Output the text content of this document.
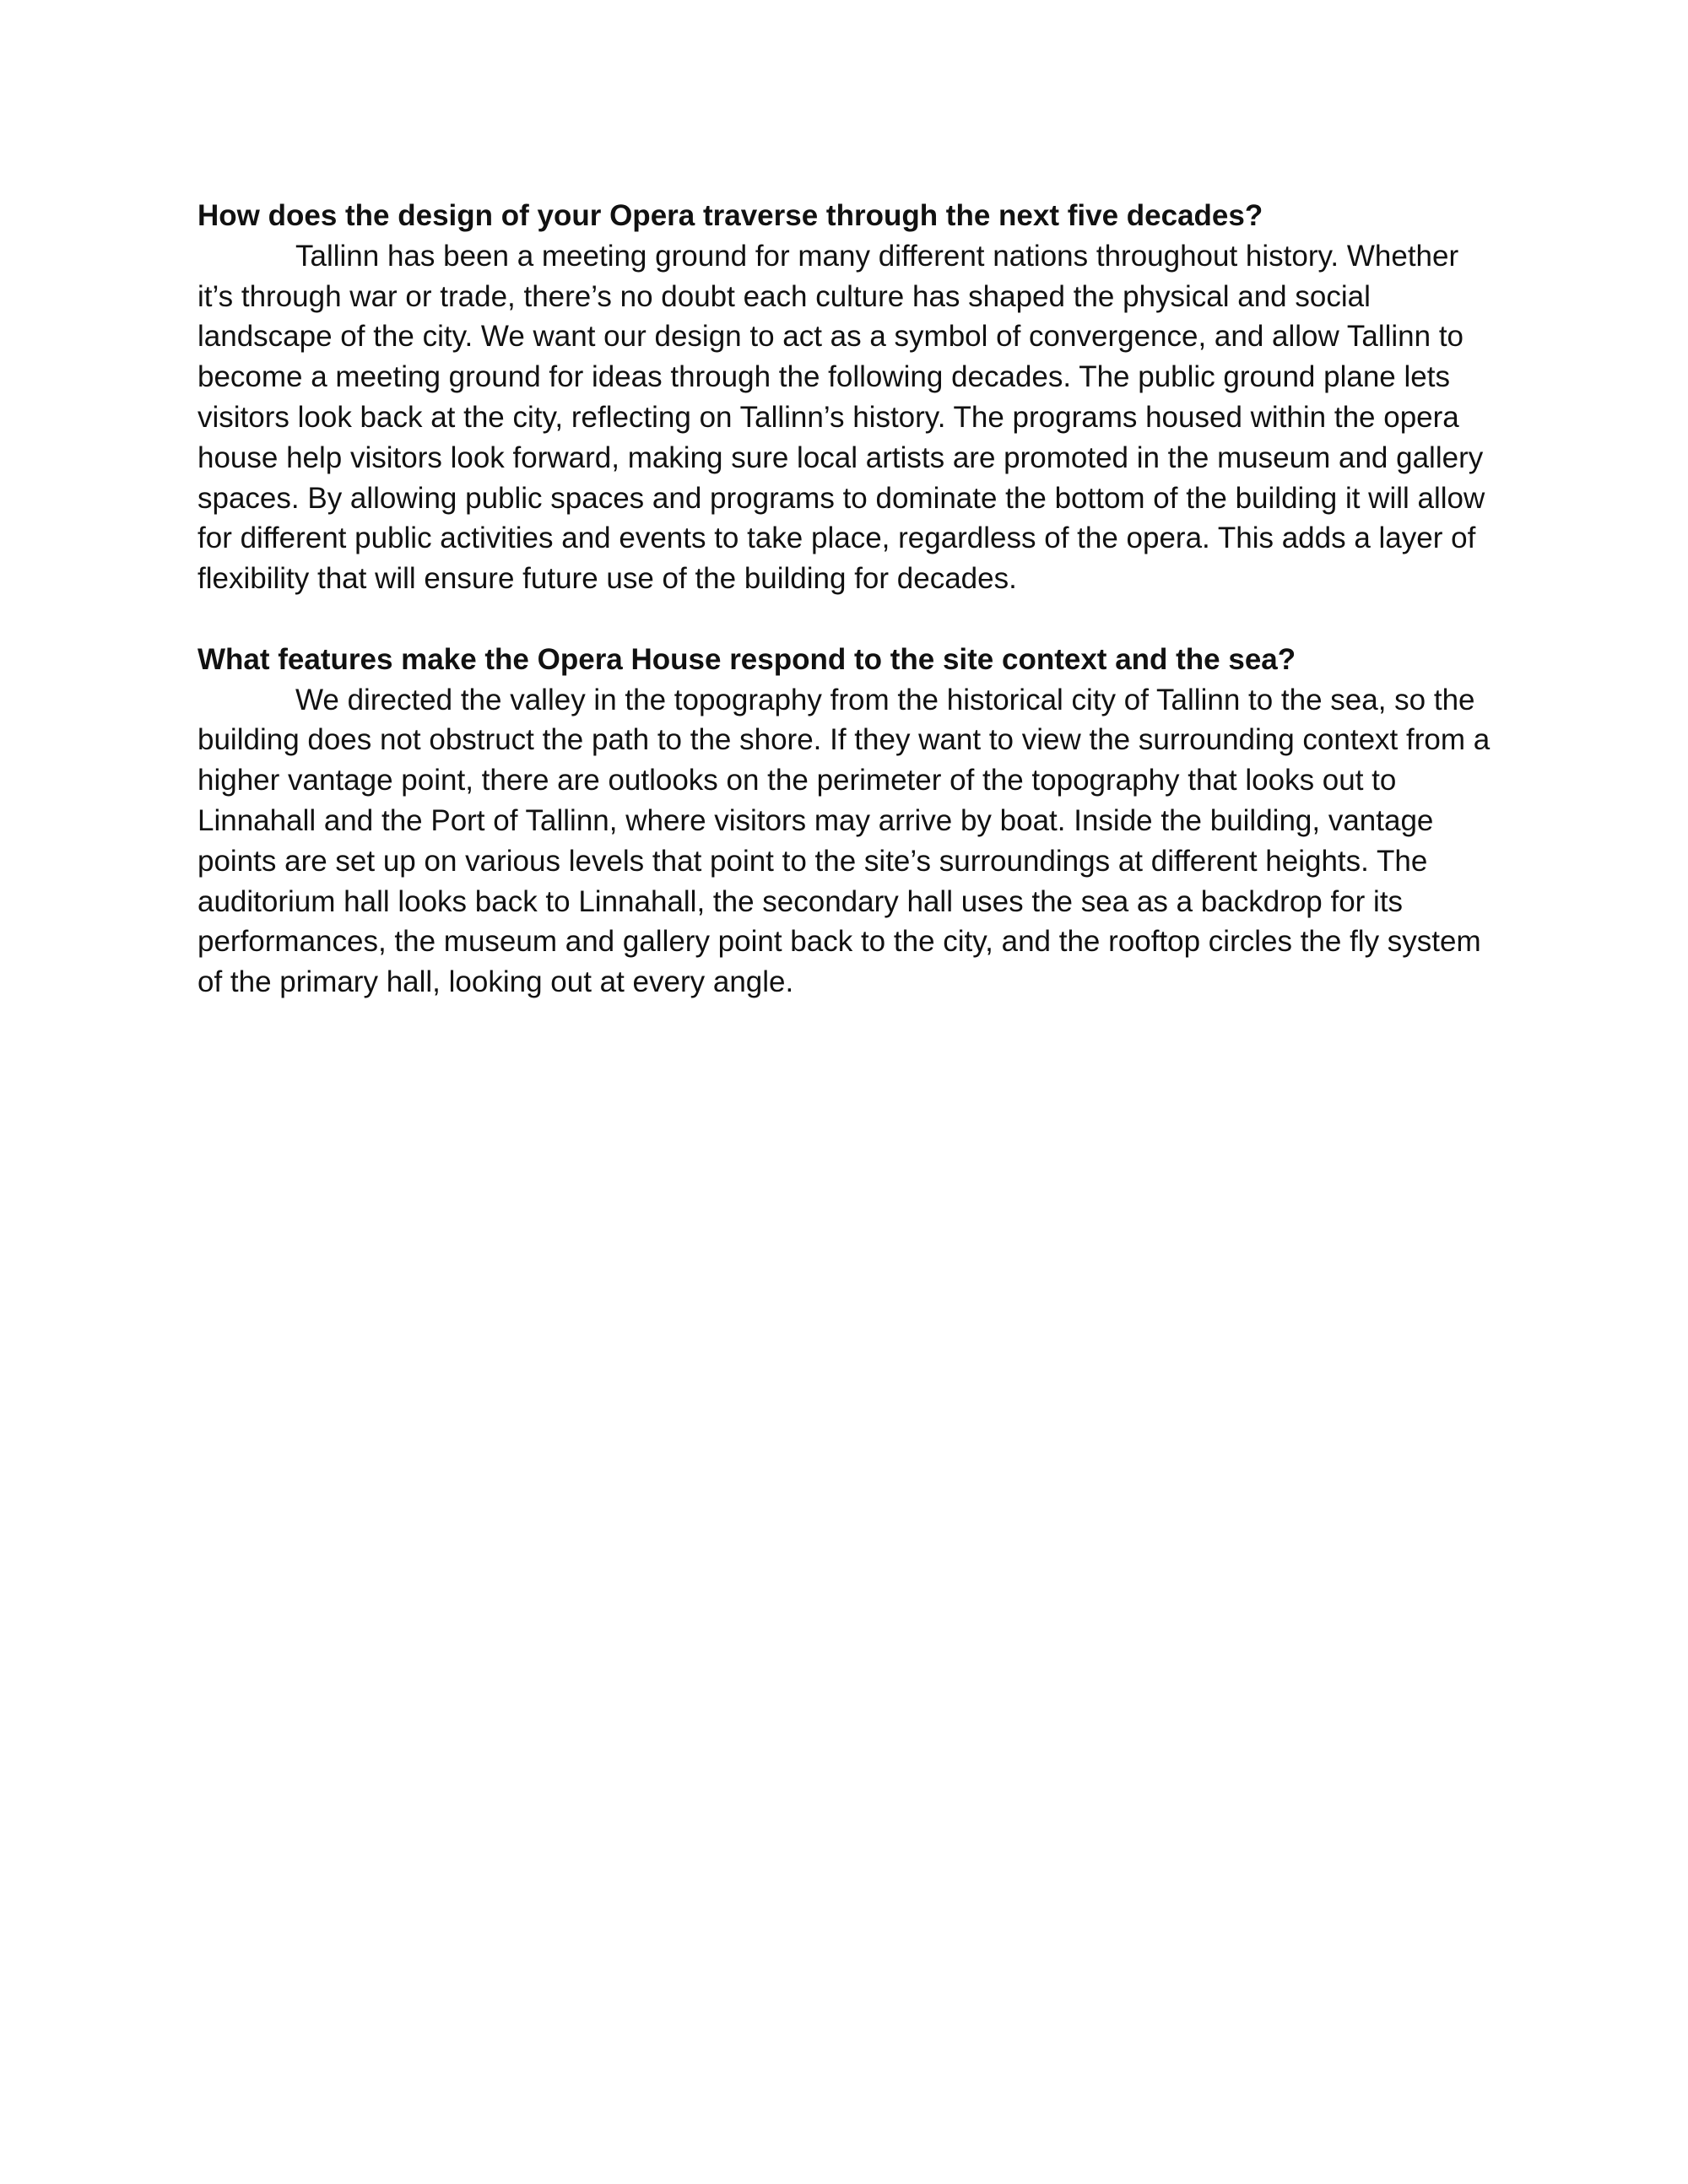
How does the design of your Opera traverse through the next five decades?

Tallinn has been a meeting ground for many different nations throughout history. Whether it’s through war or trade, there’s no doubt each culture has shaped the physical and social landscape of the city. We want our design to act as a symbol of convergence, and allow Tallinn to become a meeting ground for ideas through the following decades. The public ground plane lets visitors look back at the city, reflecting on Tallinn’s history. The programs housed within the opera house help visitors look forward, making sure local artists are promoted in the museum and gallery spaces. By allowing public spaces and programs to dominate the bottom of the building it will allow for different public activities and events to take place, regardless of the opera. This adds a layer of flexibility that will ensure future use of the building for decades.

What features make the Opera House respond to the site context and the sea?

We directed the valley in the topography from the historical city of Tallinn to the sea, so the building does not obstruct the path to the shore. If they want to view the surrounding context from a higher vantage point, there are outlooks on the perimeter of the topography that looks out to Linnahall and the Port of Tallinn, where visitors may arrive by boat. Inside the building, vantage points are set up on various levels that point to the site’s surroundings at different heights. The auditorium hall looks back to Linnahall, the secondary hall uses the sea as a backdrop for its performances, the museum and gallery point back to the city, and the rooftop circles the fly system of the primary hall, looking out at every angle.
